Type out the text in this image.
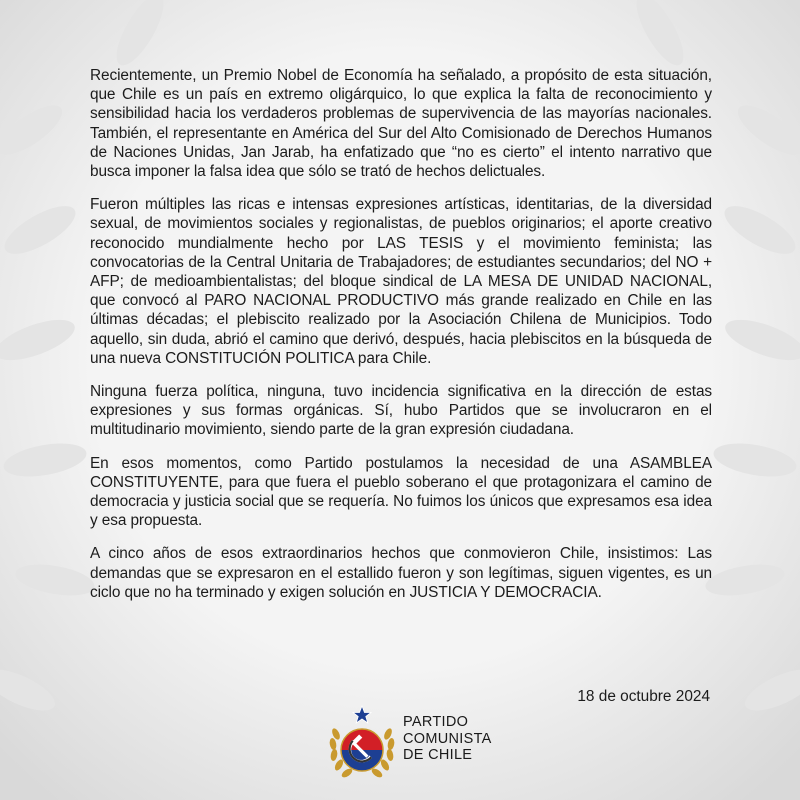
Recientemente, un Premio Nobel de Economía ha señalado, a propósito de esta situación, que Chile es un país en extremo oligárquico, lo que explica la falta de reconocimiento y sensibilidad hacia los verdaderos problemas de supervivencia de las mayorías nacionales. También, el representante en América del Sur del Alto Comisionado de Derechos Humanos de Naciones Unidas, Jan Jarab, ha enfatizado que “no es cierto” el intento narrativo que busca imponer la falsa idea que sólo se trató de hechos delictuales.

Fueron múltiples las ricas e intensas expresiones artísticas, identitarias, de la diversidad sexual, de movimientos sociales y regionalistas, de pueblos originarios; el aporte creativo reconocido mundialmente hecho por LAS TESIS y el movimiento feminista; las convocatorias de la Central Unitaria de Trabajadores; de estudiantes secundarios; del NO + AFP; de medioambientalistas; del bloque sindical de LA MESA DE UNIDAD NACIONAL, que convocó al PARO NACIONAL PRODUCTIVO más grande realizado en Chile en las últimas décadas; el plebiscito realizado por la Asociación Chilena de Municipios. Todo aquello, sin duda, abrió el camino que derivó, después, hacia plebiscitos en la búsqueda de una nueva CONSTITUCIÓN POLITICA para Chile.

Ninguna fuerza política, ninguna, tuvo incidencia significativa en la dirección de estas expresiones y sus formas orgánicas. Sí, hubo Partidos que se involucraron en el multitudinario movimiento, siendo parte de la gran expresión ciudadana.

En esos momentos, como Partido postulamos la necesidad de una ASAMBLEA CONSTITUYENTE, para que fuera el pueblo soberano el que protagonizara el camino de democracia y justicia social que se requería. No fuimos los únicos que expresamos esa idea y esa propuesta.

A cinco años de esos extraordinarios hechos que conmovieron Chile, insistimos: Las demandas que se expresaron en el estallido fueron y son legítimas, siguen vigentes, es un ciclo que no ha terminado y exigen solución en JUSTICIA Y DEMOCRACIA.

18 de octubre 2024
PARTIDO
COMUNISTA
DE CHILE
